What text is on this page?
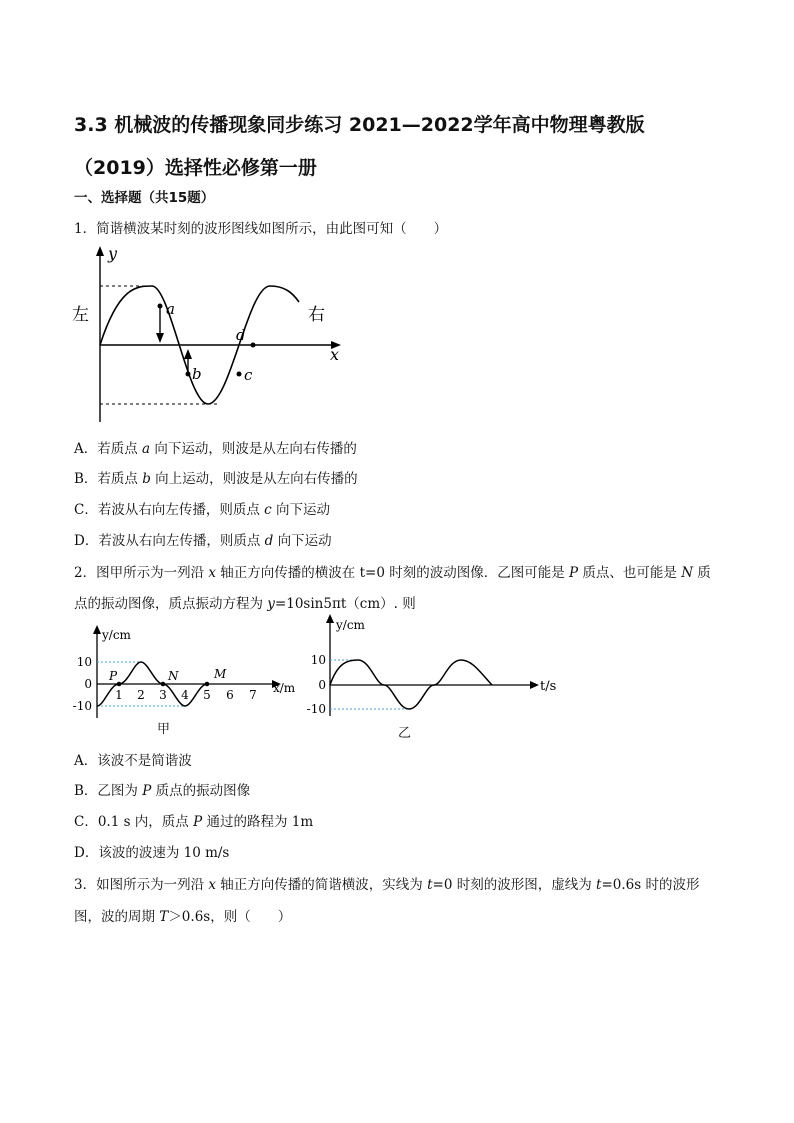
3.3 机械波的传播现象同步练习 2021—2022学年高中物理粤教版
（2019）选择性必修第一册
一、选择题（共15题）
1．简谐横波某时刻的波形图线如图所示，由此图可知（　　）
y
x
左	右
a
b	c
d
A．若质点 a 向下运动，则波是从左向右传播的
B．若质点 b 向上运动，则波是从左向右传播的
C．若波从右向左传播，则质点 c 向下运动
D．若波从右向左传播，则质点 d 向下运动
2．图甲所示为一列沿 x 轴正方向传播的横波在 t=0 时刻的波动图像．乙图可能是 P 质点、也可能是 N 质
点的振动图像，质点振动方程为 y=10sin5πt（cm）. 则
1 2 3 4 5 6 7
10
0
-10
P	N	M
y/cm
x/m
甲
10
0
-10
y/cm
t/s
乙
A．该波不是简谐波
B．乙图为 P 质点的振动图像
C．0.1 s 内，质点 P 通过的路程为 1m
D．该波的波速为 10 m/s
3．如图所示为一列沿 x 轴正方向传播的简谐横波，实线为 t=0 时刻的波形图，虚线为 t=0.6s 时的波形
图，波的周期 T＞0.6s，则（　　）
